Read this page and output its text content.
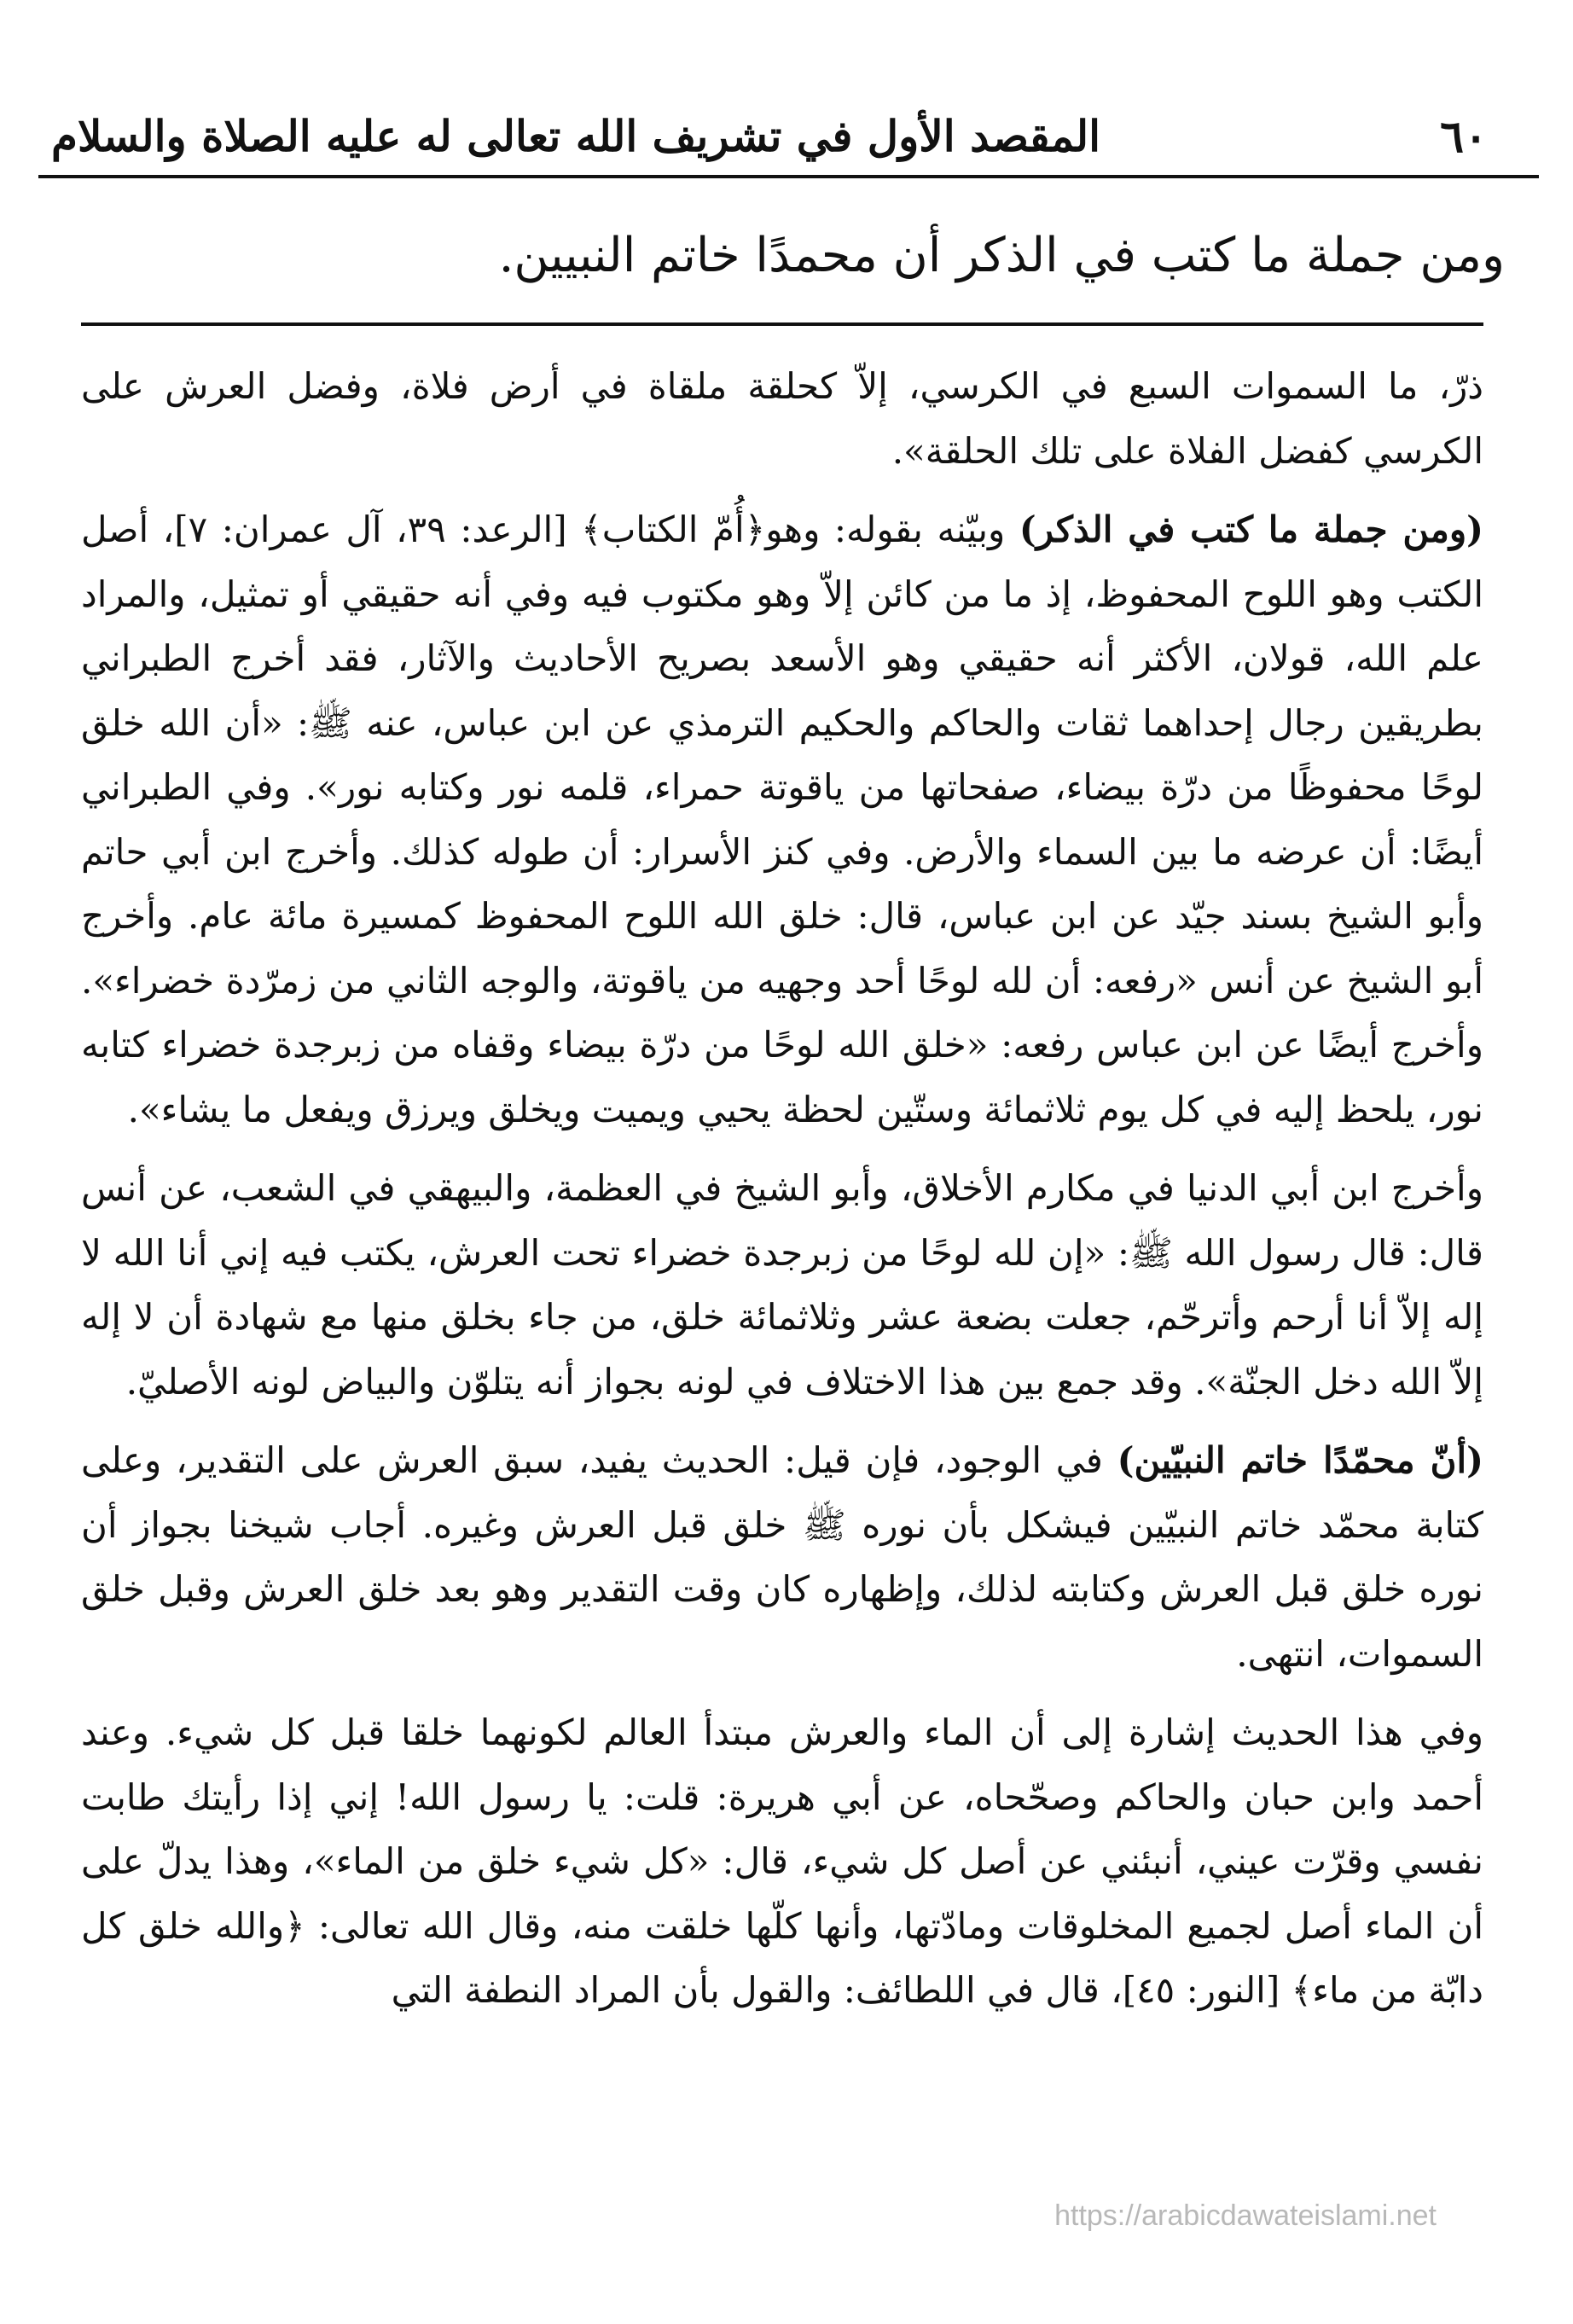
٦٠
المقصد الأول في تشريف الله تعالى له عليه الصلاة والسلام
ومن جملة ما كتب في الذكر أن محمدًا خاتم النبيين.

ذرّ، ما السموات السبع في الكرسي، إلاّ كحلقة ملقاة في أرض فلاة، وفضل العرش على الكرسي كفضل الفلاة على تلك الحلقة».

(ومن جملة ما كتب في الذكر) وبيّنه بقوله: وهو﴿أُمّ الكتاب﴾ [الرعد: ٣٩، آل عمران: ٧]، أصل الكتب وهو اللوح المحفوظ، إذ ما من كائن إلاّ وهو مكتوب فيه وفي أنه حقيقي أو تمثيل، والمراد علم الله، قولان، الأكثر أنه حقيقي وهو الأسعد بصريح الأحاديث والآثار، فقد أخرج الطبراني بطريقين رجال إحداهما ثقات والحاكم والحكيم الترمذي عن ابن عباس، عنه ﷺ: «أن الله خلق لوحًا محفوظًا من درّة بيضاء، صفحاتها من ياقوتة حمراء، قلمه نور وكتابه نور». وفي الطبراني أيضًا: أن عرضه ما بين السماء والأرض. وفي كنز الأسرار: أن طوله كذلك. وأخرج ابن أبي حاتم وأبو الشيخ بسند جيّد عن ابن عباس، قال: خلق الله اللوح المحفوظ كمسيرة مائة عام. وأخرج أبو الشيخ عن أنس «رفعه: أن لله لوحًا أحد وجهيه من ياقوتة، والوجه الثاني من زمرّدة خضراء». وأخرج أيضًا عن ابن عباس رفعه: «خلق الله لوحًا من درّة بيضاء وقفاه من زبرجدة خضراء كتابه نور، يلحظ إليه في كل يوم ثلاثمائة وستّين لحظة يحيي ويميت ويخلق ويرزق ويفعل ما يشاء».

وأخرج ابن أبي الدنيا في مكارم الأخلاق، وأبو الشيخ في العظمة، والبيهقي في الشعب، عن أنس قال: قال رسول الله ﷺ: «إن لله لوحًا من زبرجدة خضراء تحت العرش، يكتب فيه إني أنا الله لا إله إلاّ أنا أرحم وأترحّم، جعلت بضعة عشر وثلاثمائة خلق، من جاء بخلق منها مع شهادة أن لا إله إلاّ الله دخل الجنّة». وقد جمع بين هذا الاختلاف في لونه بجواز أنه يتلوّن والبياض لونه الأصليّ.

(أنّ محمّدًا خاتم النبيّين) في الوجود، فإن قيل: الحديث يفيد، سبق العرش على التقدير، وعلى كتابة محمّد خاتم النبيّين فيشكل بأن نوره ﷺ خلق قبل العرش وغيره. أجاب شيخنا بجواز أن نوره خلق قبل العرش وكتابته لذلك، وإظهاره كان وقت التقدير وهو بعد خلق العرش وقبل خلق السموات، انتهى.

وفي هذا الحديث إشارة إلى أن الماء والعرش مبتدأ العالم لكونهما خلقا قبل كل شيء. وعند أحمد وابن حبان والحاكم وصحّحاه، عن أبي هريرة: قلت: يا رسول الله! إني إذا رأيتك طابت نفسي وقرّت عيني، أنبئني عن أصل كل شيء، قال: «كل شيء خلق من الماء»، وهذا يدلّ على أن الماء أصل لجميع المخلوقات ومادّتها، وأنها كلّها خلقت منه، وقال الله تعالى: ﴿والله خلق كل دابّة من ماء﴾ [النور: ٤٥]، قال في اللطائف: والقول بأن المراد النطفة التي

https://arabicdawateislami.net
